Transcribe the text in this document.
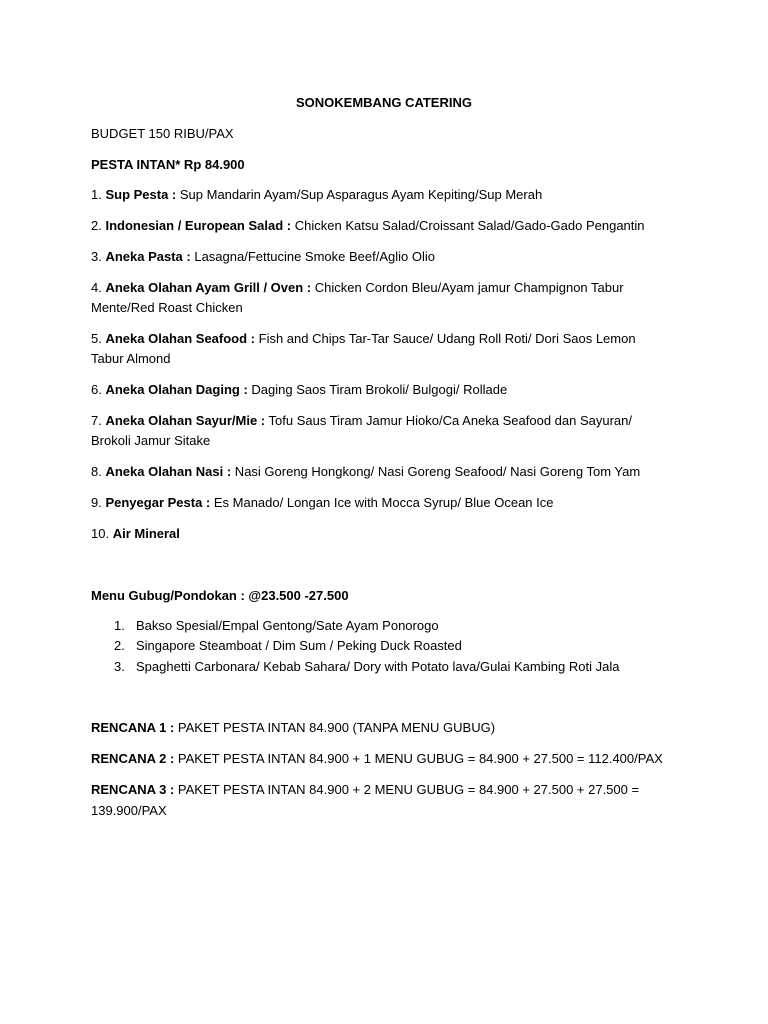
SONOKEMBANG CATERING
BUDGET 150 RIBU/PAX
PESTA INTAN* Rp 84.900
1. Sup Pesta : Sup Mandarin Ayam/Sup Asparagus Ayam Kepiting/Sup Merah
2. Indonesian / European Salad : Chicken Katsu Salad/Croissant Salad/Gado-Gado Pengantin
3. Aneka Pasta : Lasagna/Fettucine Smoke Beef/Aglio Olio
4. Aneka Olahan Ayam Grill / Oven : Chicken Cordon Bleu/Ayam jamur Champignon Tabur
Mente/Red Roast Chicken
5. Aneka Olahan Seafood : Fish and Chips Tar-Tar Sauce/ Udang Roll Roti/ Dori Saos Lemon
Tabur Almond
6. Aneka Olahan Daging : Daging Saos Tiram Brokoli/ Bulgogi/ Rollade
7. Aneka Olahan Sayur/Mie : Tofu Saus Tiram Jamur Hioko/Ca Aneka Seafood dan Sayuran/
Brokoli Jamur Sitake
8. Aneka Olahan Nasi : Nasi Goreng Hongkong/ Nasi Goreng Seafood/ Nasi Goreng Tom Yam
9. Penyegar Pesta : Es Manado/ Longan Ice with Mocca Syrup/ Blue Ocean Ice
10. Air Mineral
Menu Gubug/Pondokan : @23.500 -27.500
1. Bakso Spesial/Empal Gentong/Sate Ayam Ponorogo
2. Singapore Steamboat / Dim Sum / Peking Duck Roasted
3. Spaghetti Carbonara/ Kebab Sahara/ Dory with Potato lava/Gulai Kambing Roti Jala
RENCANA 1 : PAKET PESTA INTAN 84.900 (TANPA MENU GUBUG)
RENCANA 2 : PAKET PESTA INTAN 84.900 + 1 MENU GUBUG = 84.900 + 27.500 = 112.400/PAX
RENCANA 3 : PAKET PESTA INTAN 84.900 + 2 MENU GUBUG = 84.900 + 27.500 + 27.500 =
139.900/PAX
